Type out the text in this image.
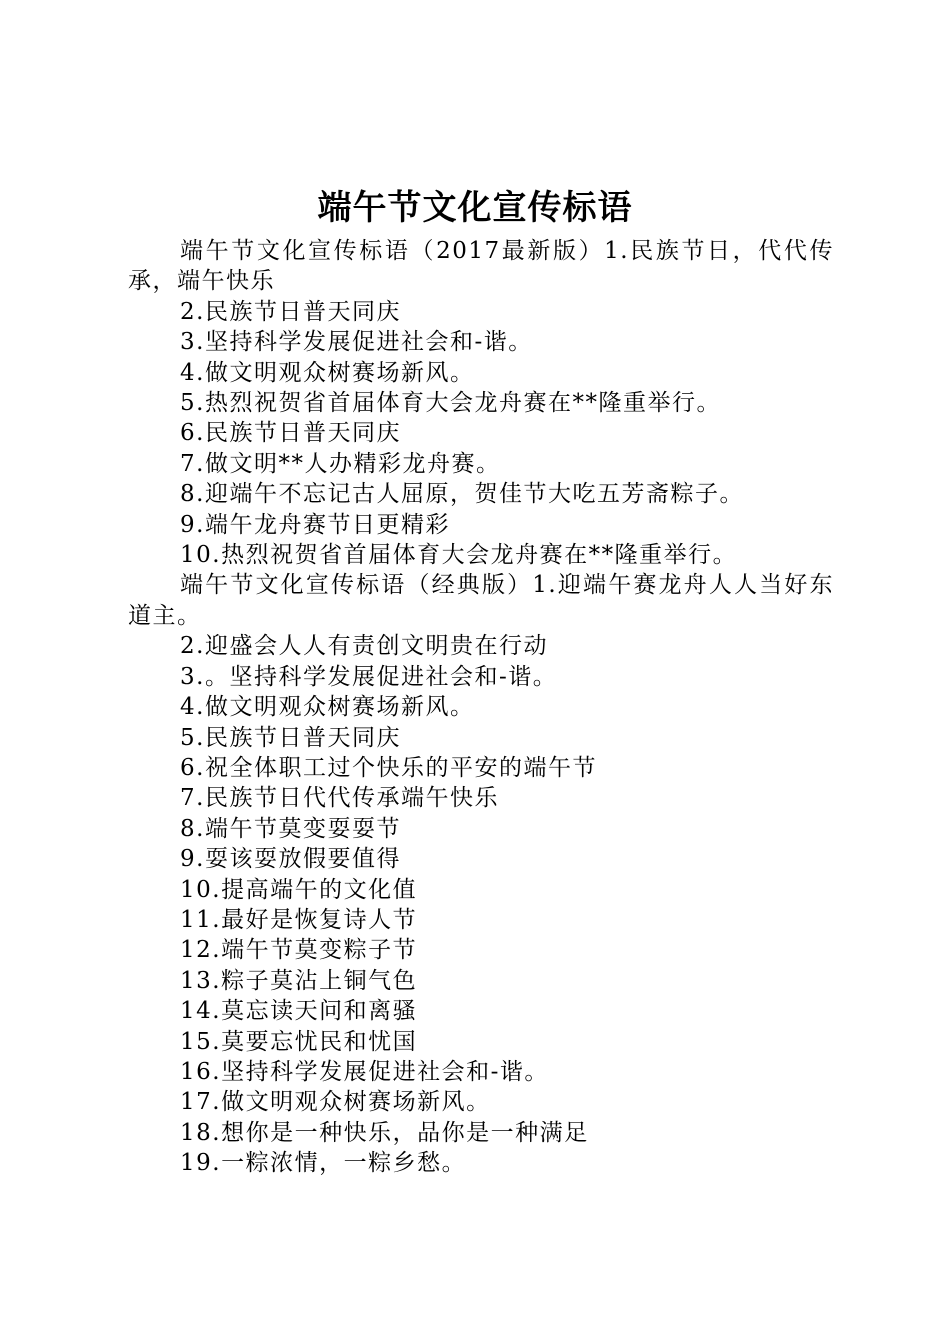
端午节文化宣传标语

端午节文化宣传标语（2017最新版）1.民族节日，代代传承，端午快乐

2.民族节日普天同庆

3.坚持科学发展促进社会和-谐。

4.做文明观众树赛场新风。

5.热烈祝贺省首届体育大会龙舟赛在**隆重举行。

6.民族节日普天同庆

7.做文明**人办精彩龙舟赛。

8.迎端午不忘记古人屈原，贺佳节大吃五芳斋粽子。

9.端午龙舟赛节日更精彩

10.热烈祝贺省首届体育大会龙舟赛在**隆重举行。

端午节文化宣传标语（经典版）1.迎端午赛龙舟人人当好东道主。

2.迎盛会人人有责创文明贵在行动

3.。坚持科学发展促进社会和-谐。

4.做文明观众树赛场新风。

5.民族节日普天同庆

6.祝全体职工过个快乐的平安的端午节

7.民族节日代代传承端午快乐

8.端午节莫变耍耍节

9.耍该耍放假要值得

10.提高端午的文化值

11.最好是恢复诗人节

12.端午节莫变粽子节

13.粽子莫沾上铜气色

14.莫忘读天问和离骚

15.莫要忘忧民和忧国

16.坚持科学发展促进社会和-谐。

17.做文明观众树赛场新风。

18.想你是一种快乐，品你是一种满足

19.一粽浓情，一粽乡愁。
